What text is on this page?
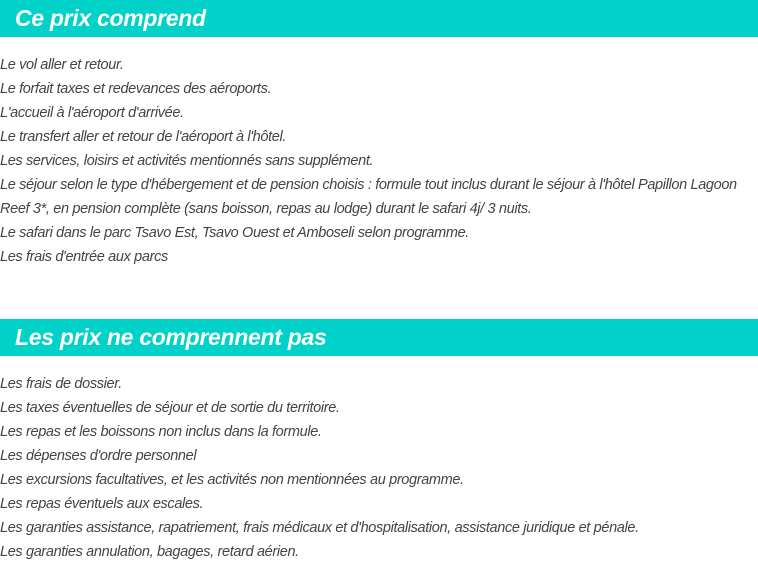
Ce prix comprend
Le vol aller et retour.
Le forfait taxes et redevances des aéroports.
L'accueil à l'aéroport d'arrivée.
Le transfert aller et retour de l'aéroport à l'hôtel.
Les services, loisirs et activités mentionnés sans supplément.
Le séjour selon le type d'hébergement et de pension choisis : formule tout inclus durant le séjour à l'hôtel Papillon Lagoon Reef 3*, en pension complète (sans boisson, repas au lodge) durant le safari 4j/ 3 nuits.
Le safari dans le parc Tsavo Est, Tsavo Ouest et Amboseli selon programme.
Les frais d'entrée aux parcs
Les prix ne comprennent pas
Les frais de dossier.
Les taxes éventuelles de séjour et de sortie du territoire.
Les repas et les boissons non inclus dans la formule.
Les dépenses d'ordre personnel
Les excursions facultatives, et les activités non mentionnées au programme.
Les repas éventuels aux escales.
Les garanties assistance, rapatriement, frais médicaux et d'hospitalisation, assistance juridique et pénale.
Les garanties annulation, bagages, retard aérien.
